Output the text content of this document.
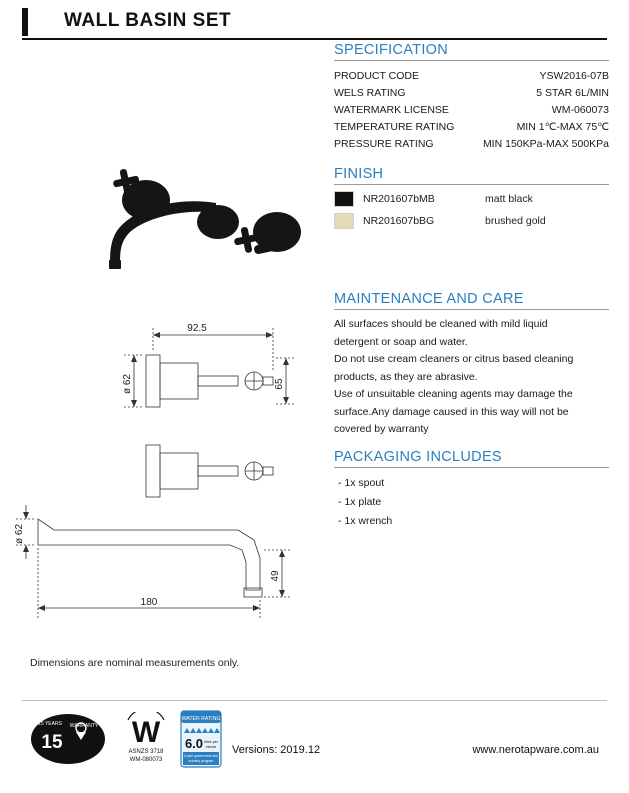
WALL BASIN SET
92.5
ø 62	65
ø 62
180
49
Dimensions are nominal measurements only.
SPECIFICATION
PRODUCT CODE	YSW2016-07B
WELS RATING	5 STAR 6L/MIN
WATERMARK LICENSE	WM-060073
TEMPERATURE RATING	MIN 1℃-MAX 75℃
PRESSURE RATING	MIN 150KPa-MAX 500KPa
FINISH
NR201607bMB	matt black
NR201607bBG	brushed gold
MAINTENANCE AND CARE

All surfaces should be cleaned with mild liquid

detergent or soap and water.

Do not use cream cleaners or citrus based cleaning

products, as they are abrasive.

Use of unsuitable cleaning agents may damage the

surface.Any damage caused in this way will not be

covered by warranty

PACKAGING INCLUDES
- 1x spout
- 1x plate
- 1x wrench
15
15 YEARS WARRANTY W
ASNZS 3718
WM-080073
WATER RATING
6.0 litres per
minute
A joint government and
industry program
Versions: 2019.12	www.nerotapware.com.au
